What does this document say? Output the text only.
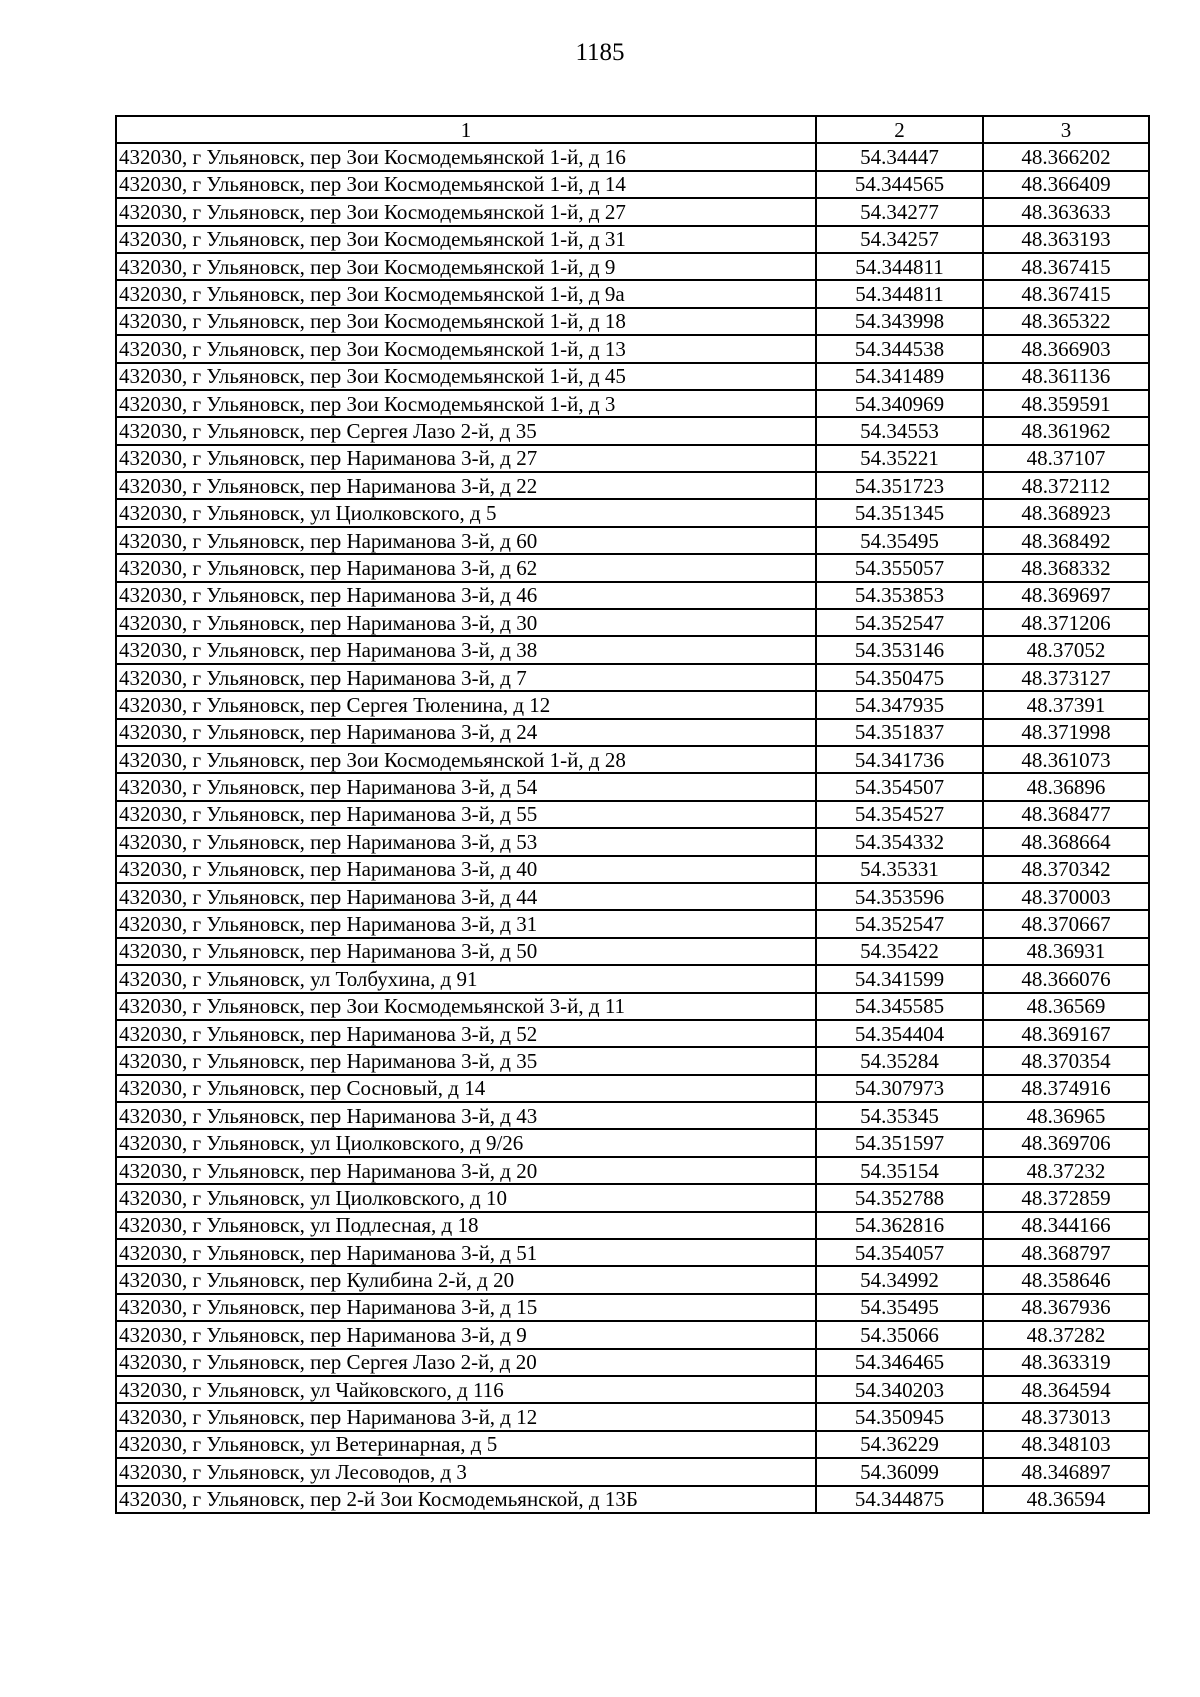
1185
1	2	3
432030, г Ульяновск, пер Зои Космодемьянской 1-й, д 16	54.34447	48.366202
432030, г Ульяновск, пер Зои Космодемьянской 1-й, д 14	54.344565	48.366409
432030, г Ульяновск, пер Зои Космодемьянской 1-й, д 27	54.34277	48.363633
432030, г Ульяновск, пер Зои Космодемьянской 1-й, д 31	54.34257	48.363193
432030, г Ульяновск, пер Зои Космодемьянской 1-й, д 9	54.344811	48.367415
432030, г Ульяновск, пер Зои Космодемьянской 1-й, д 9а	54.344811	48.367415
432030, г Ульяновск, пер Зои Космодемьянской 1-й, д 18	54.343998	48.365322
432030, г Ульяновск, пер Зои Космодемьянской 1-й, д 13	54.344538	48.366903
432030, г Ульяновск, пер Зои Космодемьянской 1-й, д 45	54.341489	48.361136
432030, г Ульяновск, пер Зои Космодемьянской 1-й, д 3	54.340969	48.359591
432030, г Ульяновск, пер Сергея Лазо 2-й, д 35	54.34553	48.361962
432030, г Ульяновск, пер Нариманова 3-й, д 27	54.35221	48.37107
432030, г Ульяновск, пер Нариманова 3-й, д 22	54.351723	48.372112
432030, г Ульяновск, ул Циолковского, д 5	54.351345	48.368923
432030, г Ульяновск, пер Нариманова 3-й, д 60	54.35495	48.368492
432030, г Ульяновск, пер Нариманова 3-й, д 62	54.355057	48.368332
432030, г Ульяновск, пер Нариманова 3-й, д 46	54.353853	48.369697
432030, г Ульяновск, пер Нариманова 3-й, д 30	54.352547	48.371206
432030, г Ульяновск, пер Нариманова 3-й, д 38	54.353146	48.37052
432030, г Ульяновск, пер Нариманова 3-й, д 7	54.350475	48.373127
432030, г Ульяновск, пер Сергея Тюленина, д 12	54.347935	48.37391
432030, г Ульяновск, пер Нариманова 3-й, д 24	54.351837	48.371998
432030, г Ульяновск, пер Зои Космодемьянской 1-й, д 28	54.341736	48.361073
432030, г Ульяновск, пер Нариманова 3-й, д 54	54.354507	48.36896
432030, г Ульяновск, пер Нариманова 3-й, д 55	54.354527	48.368477
432030, г Ульяновск, пер Нариманова 3-й, д 53	54.354332	48.368664
432030, г Ульяновск, пер Нариманова 3-й, д 40	54.35331	48.370342
432030, г Ульяновск, пер Нариманова 3-й, д 44	54.353596	48.370003
432030, г Ульяновск, пер Нариманова 3-й, д 31	54.352547	48.370667
432030, г Ульяновск, пер Нариманова 3-й, д 50	54.35422	48.36931
432030, г Ульяновск, ул Толбухина, д 91	54.341599	48.366076
432030, г Ульяновск, пер Зои Космодемьянской 3-й, д 11	54.345585	48.36569
432030, г Ульяновск, пер Нариманова 3-й, д 52	54.354404	48.369167
432030, г Ульяновск, пер Нариманова 3-й, д 35	54.35284	48.370354
432030, г Ульяновск, пер Сосновый, д 14	54.307973	48.374916
432030, г Ульяновск, пер Нариманова 3-й, д 43	54.35345	48.36965
432030, г Ульяновск, ул Циолковского, д 9/26	54.351597	48.369706
432030, г Ульяновск, пер Нариманова 3-й, д 20	54.35154	48.37232
432030, г Ульяновск, ул Циолковского, д 10	54.352788	48.372859
432030, г Ульяновск, ул Подлесная, д 18	54.362816	48.344166
432030, г Ульяновск, пер Нариманова 3-й, д 51	54.354057	48.368797
432030, г Ульяновск, пер Кулибина 2-й, д 20	54.34992	48.358646
432030, г Ульяновск, пер Нариманова 3-й, д 15	54.35495	48.367936
432030, г Ульяновск, пер Нариманова 3-й, д 9	54.35066	48.37282
432030, г Ульяновск, пер Сергея Лазо 2-й, д 20	54.346465	48.363319
432030, г Ульяновск, ул Чайковского, д 116	54.340203	48.364594
432030, г Ульяновск, пер Нариманова 3-й, д 12	54.350945	48.373013
432030, г Ульяновск, ул Ветеринарная, д 5	54.36229	48.348103
432030, г Ульяновск, ул Лесоводов, д 3	54.36099	48.346897
432030, г Ульяновск, пер 2-й Зои Космодемьянской, д 13Б	54.344875	48.36594
